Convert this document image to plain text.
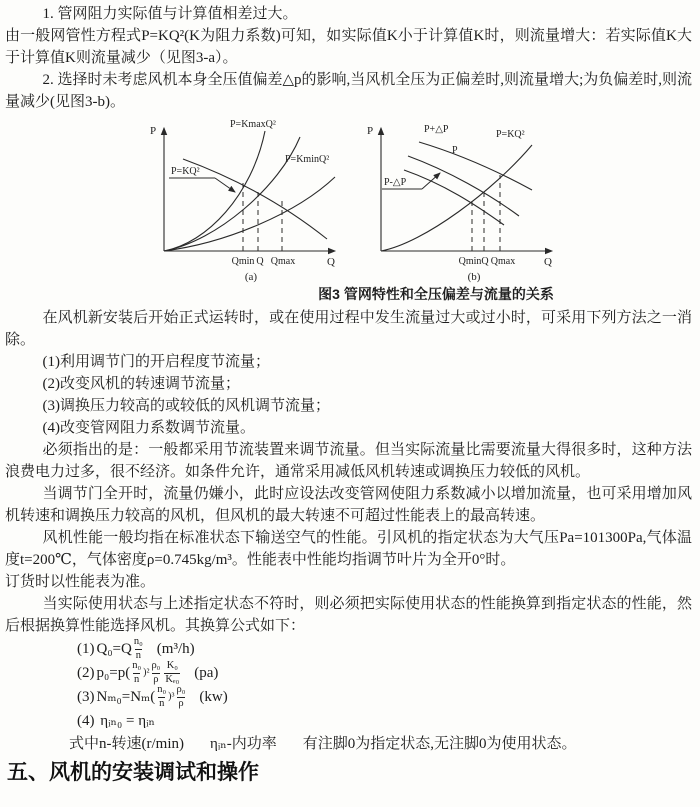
1. 管网阻力实际值与计算值相差过大。

由一般网管性方程式P=KQ²(K为阻力系数)可知，如实际值K小于计算值K时，则流量增大：若实际值K大于计算值K则流量减少（见图3-a）。

2. 选择时未考虑风机本身全压值偏差△p的影响,当风机全压为正偏差时,则流量增大;为负偏差时,则流量减少(见图3-b)。

P
Q
P=KmaxQ²
P=KQ²
P=KminQ²
Qmin Q Qmax
(a)
P
Q
P+△P
P
P-△P
P=KQ²
Qmin Q Qmax
(b)
图3 管网特性和全压偏差与流量的关系

在风机新安装后开始正式运转时，或在使用过程中发生流量过大或过小时，可采用下列方法之一消除。

(1)利用调节门的开启程度节流量；

(2)改变风机的转速调节流量；

(3)调换压力较高的或较低的风机调节流量；

(4)改变管网阻力系数调节流量。

必须指出的是：一般都采用节流装置来调节流量。但当实际流量比需要流量大得很多时，这种方法浪费电力过多，很不经济。如条件允许，通常采用减低风机转速或调换压力较低的风机。

当调节门全开时，流量仍嫌小，此时应设法改变管网使阻力系数减小以增加流量，也可采用增加风机转速和调换压力较高的风机，但风机的最大转速不可超过性能表上的最高转速。

风机性能一般均指在标准状态下输送空气的性能。引风机的指定状态为大气压Pa=101300Pa,气体温度t=200℃，气体密度ρ=0.745kg/m³。性能表中性能均指调节叶片为全开0°时。

订货时以性能表为准。

当实际使用状态与上述指定状态不符时，则必须把实际使用状态的性能换算到指定状态的性能，然后根据换算性能选择风机。其换算公式如下：

(1) $Q_0=Q \frac{\text{n₀}}{n} (m^3/h)$
(2) $p_0=p( \frac{\text{n₀}}{n} )^2 \frac{\text{ρ₀}}{\rho} \frac{\text{K₀}}{\text{Kₑ₀}} (pa)$
(3) $N_{m0}=N_m( \frac{\text{n₀}}{n} )^3 \frac{\text{ρ₀}}{\rho} (kw)$
(4) ηᵢₙ₀ = ηᵢₙ
式中n-转速(r/min) ηᵢₙ-内功率 有注脚0为指定状态,无注脚0为使用状态。
五、风机的安装调试和操作
